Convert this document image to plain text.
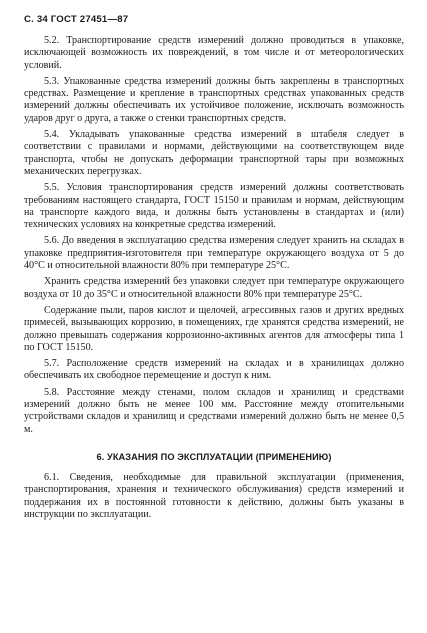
С. 34 ГОСТ 27451—87

5.2. Транспортирование средств измерений должно проводиться в упаковке, исключающей возможность их повреждений, в том числе и от метеорологических условий.

5.3. Упакованные средства измерений должны быть закреплены в транспортных средствах. Размещение и крепление в транспортных средствах упакованных средств измерений должны обеспечивать их устойчивое положение, исключать возможность ударов друг о друга, а также о стенки транспортных средств.

5.4. Укладывать упакованные средства измерений в штабеля следует в соответствии с правилами и нормами, действующими на соответствующем виде транспорта, чтобы не допускать деформации транспортной тары при возможных механических перегрузках.

5.5. Условия транспортирования средств измерений должны соответствовать требованиям настоящего стандарта, ГОСТ 15150 и правилам и нормам, действующим на транспорте каждого вида, и должны быть установлены в стандартах и (или) технических условиях на конкретные средства измерений.

5.6. До введения в эксплуатацию средства измерения следует хранить на складах в упаковке предприятия-изготовителя при температуре окружающего воздуха от 5 до 40°С и относительной влажности 80% при температуре 25°С.

Хранить средства измерений без упаковки следует при температуре окружающего воздуха от 10 до 35°С и относительной влажности 80% при температуре 25°С.

Содержание пыли, паров кислот и щелочей, агрессивных газов и других вредных примесей, вызывающих коррозию, в помещениях, где хранятся средства измерений, не должно превышать содержания коррозионно-активных агентов для атмосферы типа 1 по ГОСТ 15150.

5.7. Расположение средств измерений на складах и в хранилищах должно обеспечивать их свободное перемещение и доступ к ним.

5.8. Расстояние между стенами, полом складов и хранилищ и средствами измерений должно быть не менее 100 мм. Расстояние между отопительными устройствами складов и хранилищ и средствами измерений должно быть не менее 0,5 м.

6. УКАЗАНИЯ ПО ЭКСПЛУАТАЦИИ (ПРИМЕНЕНИЮ)

6.1. Сведения, необходимые для правильной эксплуатации (применения, транспортирования, хранения и технического обслуживания) средств измерений и поддержания их в постоянной готовности к действию, должны быть указаны в инструкции по эксплуатации.
